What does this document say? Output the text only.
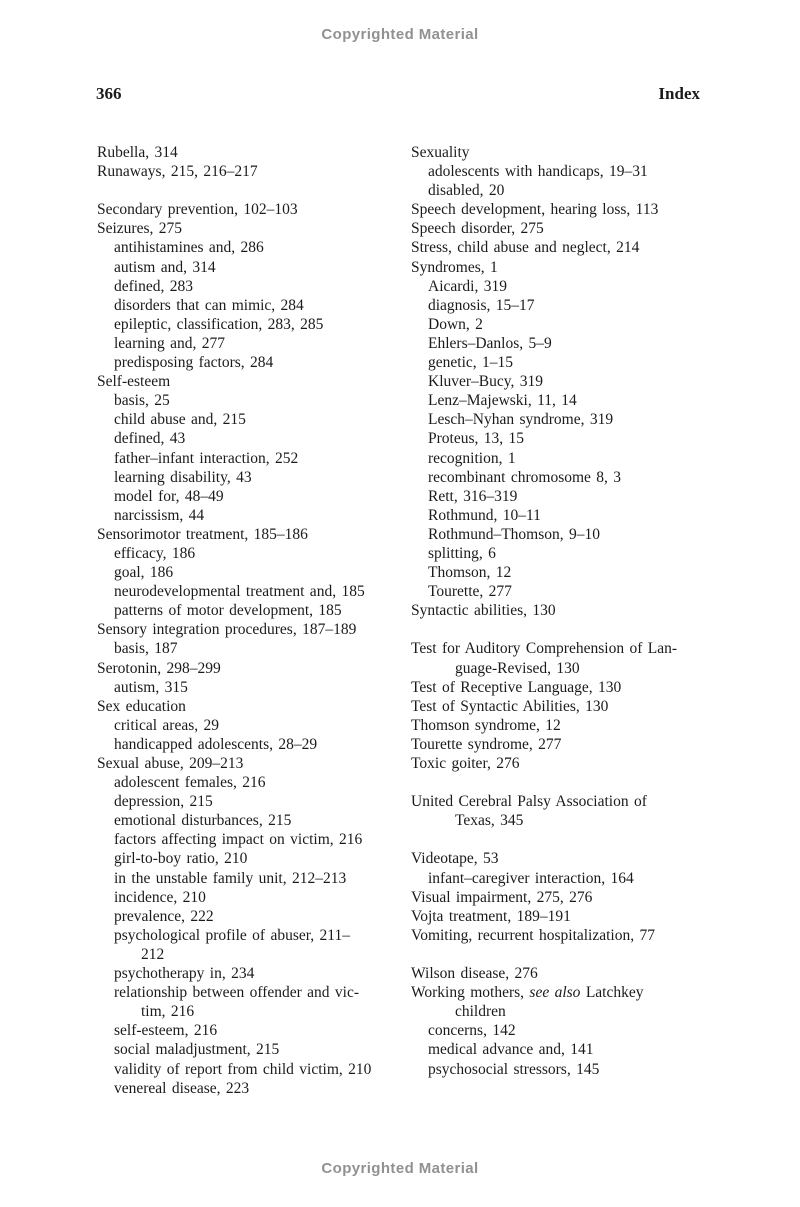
Copyrighted Material
366	Index
Rubella, 314
Runaways, 215, 216–217

Secondary prevention, 102–103
Seizures, 275
antihistamines and, 286
autism and, 314
defined, 283
disorders that can mimic, 284
epileptic, classification, 283, 285
learning and, 277
predisposing factors, 284
Self-esteem
basis, 25
child abuse and, 215
defined, 43
father–infant interaction, 252
learning disability, 43
model for, 48–49
narcissism, 44
Sensorimotor treatment, 185–186
efficacy, 186
goal, 186
neurodevelopmental treatment and, 185
patterns of motor development, 185
Sensory integration procedures, 187–189
basis, 187
Serotonin, 298–299
autism, 315
Sex education
critical areas, 29
handicapped adolescents, 28–29
Sexual abuse, 209–213
adolescent females, 216
depression, 215
emotional disturbances, 215
factors affecting impact on victim, 216
girl-to-boy ratio, 210
in the unstable family unit, 212–213
incidence, 210
prevalence, 222
psychological profile of abuser, 211–
212
psychotherapy in, 234
relationship between offender and vic-
tim, 216
self-esteem, 216
social maladjustment, 215
validity of report from child victim, 210
venereal disease, 223
Sexuality
adolescents with handicaps, 19–31
disabled, 20
Speech development, hearing loss, 113
Speech disorder, 275
Stress, child abuse and neglect, 214
Syndromes, 1
Aicardi, 319
diagnosis, 15–17
Down, 2
Ehlers–Danlos, 5–9
genetic, 1–15
Kluver–Bucy, 319
Lenz–Majewski, 11, 14
Lesch–Nyhan syndrome, 319
Proteus, 13, 15
recognition, 1
recombinant chromosome 8, 3
Rett, 316–319
Rothmund, 10–11
Rothmund–Thomson, 9–10
splitting, 6
Thomson, 12
Tourette, 277
Syntactic abilities, 130

Test for Auditory Comprehension of Lan-
guage-Revised, 130
Test of Receptive Language, 130
Test of Syntactic Abilities, 130
Thomson syndrome, 12
Tourette syndrome, 277
Toxic goiter, 276

United Cerebral Palsy Association of
Texas, 345

Videotape, 53
infant–caregiver interaction, 164
Visual impairment, 275, 276
Vojta treatment, 189–191
Vomiting, recurrent hospitalization, 77

Wilson disease, 276
Working mothers, see also Latchkey
children
concerns, 142
medical advance and, 141
psychosocial stressors, 145
Copyrighted Material
